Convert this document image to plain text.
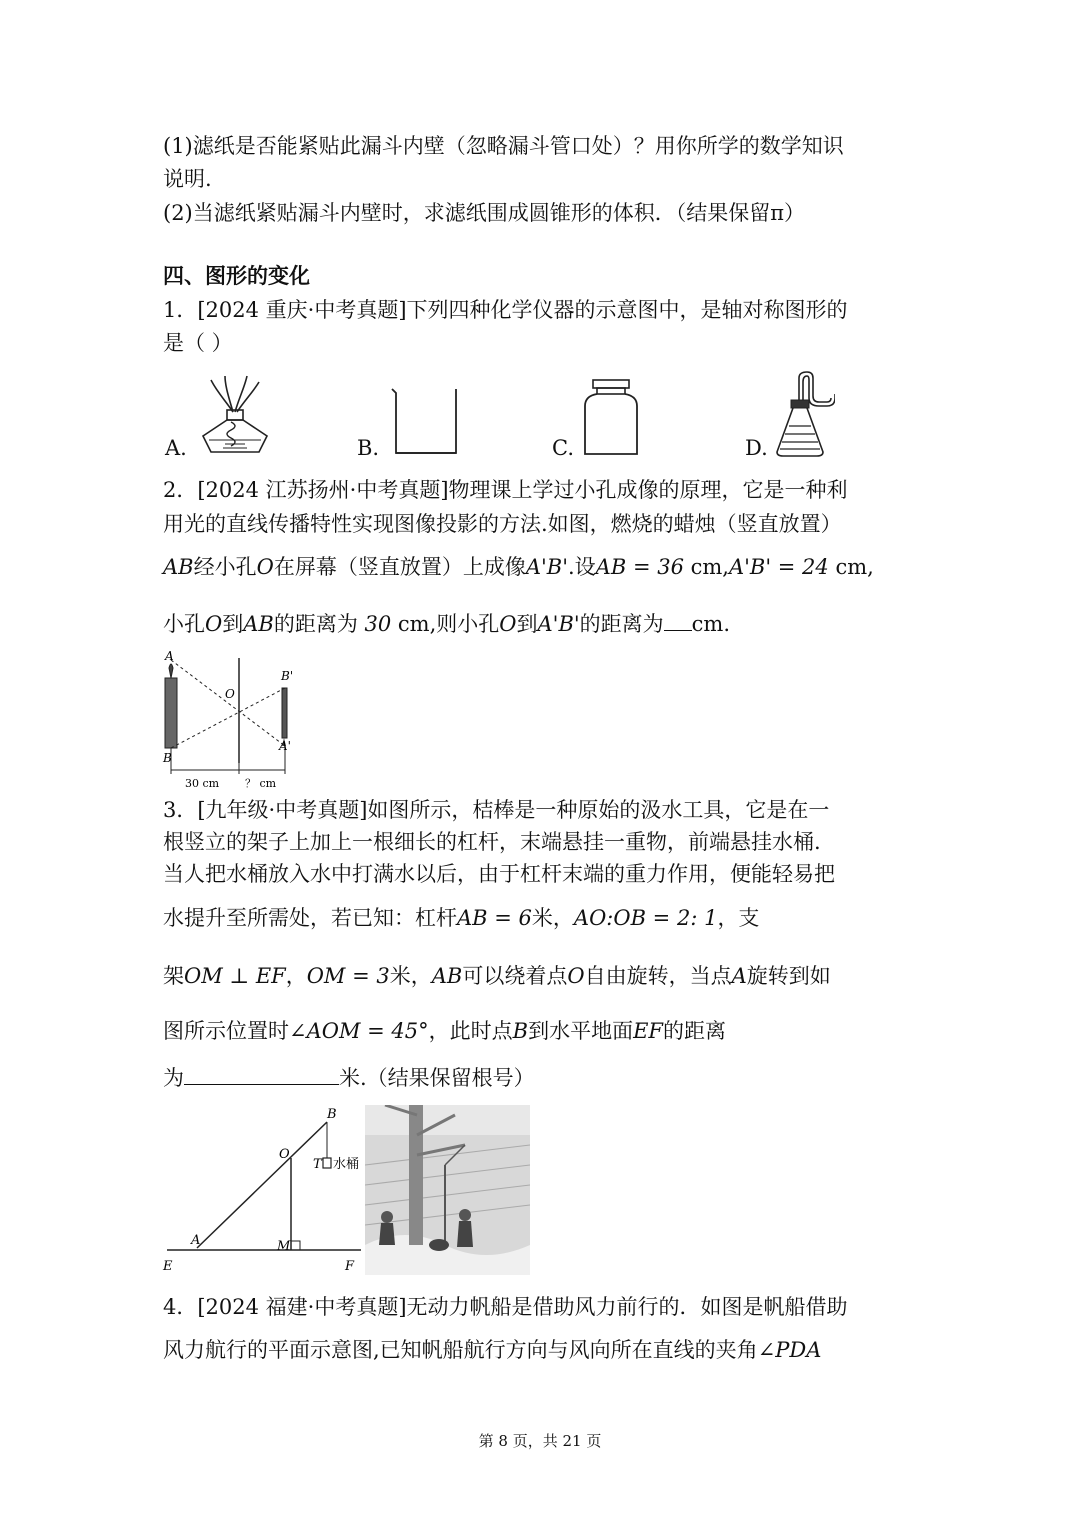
(1)滤纸是否能紧贴此漏斗内壁（忽略漏斗管口处）？用你所学的数学知识
说明.
(2)当滤纸紧贴漏斗内壁时，求滤纸围成圆锥形的体积．（结果保留π）
四、图形的变化
1．[2024 重庆·中考真题]下列四种化学仪器的示意图中，是轴对称图形的
是（ ）
A.	B.	C.	D.
2．[2024 江苏扬州·中考真题]物理课上学过小孔成像的原理，它是一种利
用光的直线传播特性实现图像投影的方法.如图，燃烧的蜡烛（竖直放置）
AB经小孔O在屏幕（竖直放置）上成像A'B'.设AB = 36 cm,A'B' = 24 cm,
小孔O到AB的距离为 30 cm,则小孔O到A'B'的距离为 cm.
A
B
O
B'
A'
30 cm ？ cm
3．[九年级·中考真题]如图所示，桔棒是一种原始的汲水工具，它是在一
根竖立的架子上加上一根细长的杠杆，末端悬挂一重物，前端悬挂水桶.
当人把水桶放入水中打满水以后，由于杠杆末端的重力作用，便能轻易把
水提升至所需处，若已知：杠杆AB = 6米，AO:OB = 2: 1，支
架OM ⊥ EF，OM = 3米，AB可以绕着点O自由旋转，当点A旋转到如
图所示位置时∠AOM = 45°，此时点B到水平地面EF的距离
为	米.（结果保留根号）
B
O
T 水桶
A	M
E	F
4．[2024 福建·中考真题]无动力帆船是借助风力前行的．如图是帆船借助
风力航行的平面示意图,已知帆船航行方向与风向所在直线的夹角∠PDA
第 8 页，共 21 页
